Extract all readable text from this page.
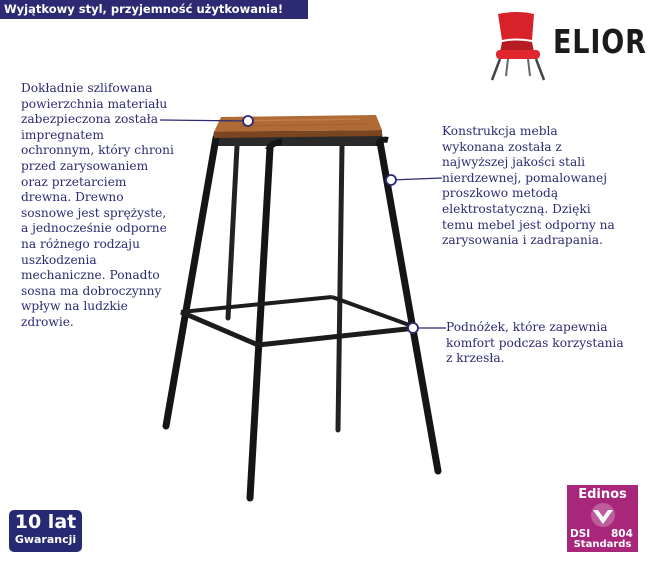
Wyjątkowy styl, przyjemność użytkowania!
ELIOR
Dokładnie szlifowana
powierzchnia materiału
zabezpieczona została
impregnatem
ochronnym, który chroni
przed zarysowaniem
oraz przetarciem
drewna. Drewno
sosnowe jest sprężyste,
a jednocześnie odporne
na różnego rodzaju
uszkodzenia
mechaniczne. Ponadto
sosna ma dobroczynny
wpływ na ludzkie
zdrowie.
Konstrukcja mebla
wykonana została z
najwyższej jakości stali
nierdzewnej, pomalowanej
proszkowo metodą
elektrostatyczną. Dzięki
temu mebel jest odporny na
zarysowania i zadrapania.
Podnóżek, które zapewnia
komfort podczas korzystania
z krzesła.
10 lat
Gwarancji
Edinos
DSI 804
Standards
